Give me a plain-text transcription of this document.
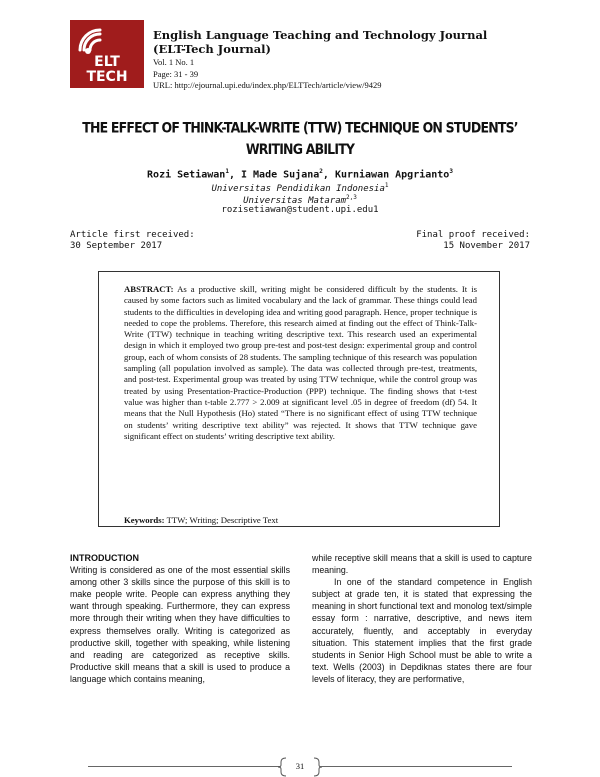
ELT
TECH
English Language Teaching and Technology Journal
(ELT-Tech Journal)
Vol. 1 No. 1
Page: 31 - 39
URL: http://ejournal.upi.edu/index.php/ELTTech/article/view/9429
THE EFFECT OF THINK-TALK-WRITE (TTW) TECHNIQUE ON STUDENTS’
WRITING ABILITY
Rozi Setiawan$^1$, I Made Sujana$^2$, Kurniawan Apgrianto$^3$
Universitas Pendidikan Indonesia$^1$
Universitas Mataram$^{2,3}$
rozisetiawan@student.upi.edu1
Article first received:
30 September 2017
Final proof received:
15 November 2017

ABSTRACT: As a productive skill, writing might be considered difficult by the students. It is caused by some factors such as limited vocabulary and the lack of grammar. These things could lead students to the difficulties in developing idea and writing good paragraph. Hence, proper technique is needed to cope the problems. Therefore, this research aimed at finding out the effect of Think-Talk-Write (TTW) technique in teaching writing descriptive text. This research used an experimental design in which it employed two group pre-test and post-test design: experimental group and control group, each of whom consists of 28 students. The sampling technique of this research was population sampling (all population involved as sample). The data was collected through pre-test, treatments, and post-test. Experimental group was treated by using TTW technique, while the control group was treated by using Presentation-Practice-Production (PPP) technique. The finding shows that t-test value was higher than t-table 2.777 > 2.009 at significant level .05 in degree of freedom (df) 54. It means that the Null Hypothesis (Ho) stated “There is no significant effect of using TTW technique on students’ writing descriptive text ability” was rejected. It shows that TTW technique gave significant effect on students’ writing descriptive text ability.

Keywords: TTW; Writing; Descriptive Text
INTRODUCTION

Writing is considered as one of the most essential skills among other 3 skills since the purpose of this skill is to make people write. People can express anything they want through speaking. Furthermore, they can express more through their writing when they have difficulties to express themselves orally. Writing is categorized as productive skill, together with speaking, while listening and reading are categorized as receptive skills. Productive skill means that a skill is used to produce a language which contains meaning,

while receptive skill means that a skill is used to capture meaning.

In one of the standard competence in English subject at grade ten, it is stated that expressing the meaning in short functional text and monolog text/simple essay form : narrative, descriptive, and news item accurately, fluently, and acceptably in everyday situation. This statement implies that the first grade students in Senior High School must be able to write a text. Wells (2003) in Depdiknas states there are four levels of literacy, they are performative,

31
